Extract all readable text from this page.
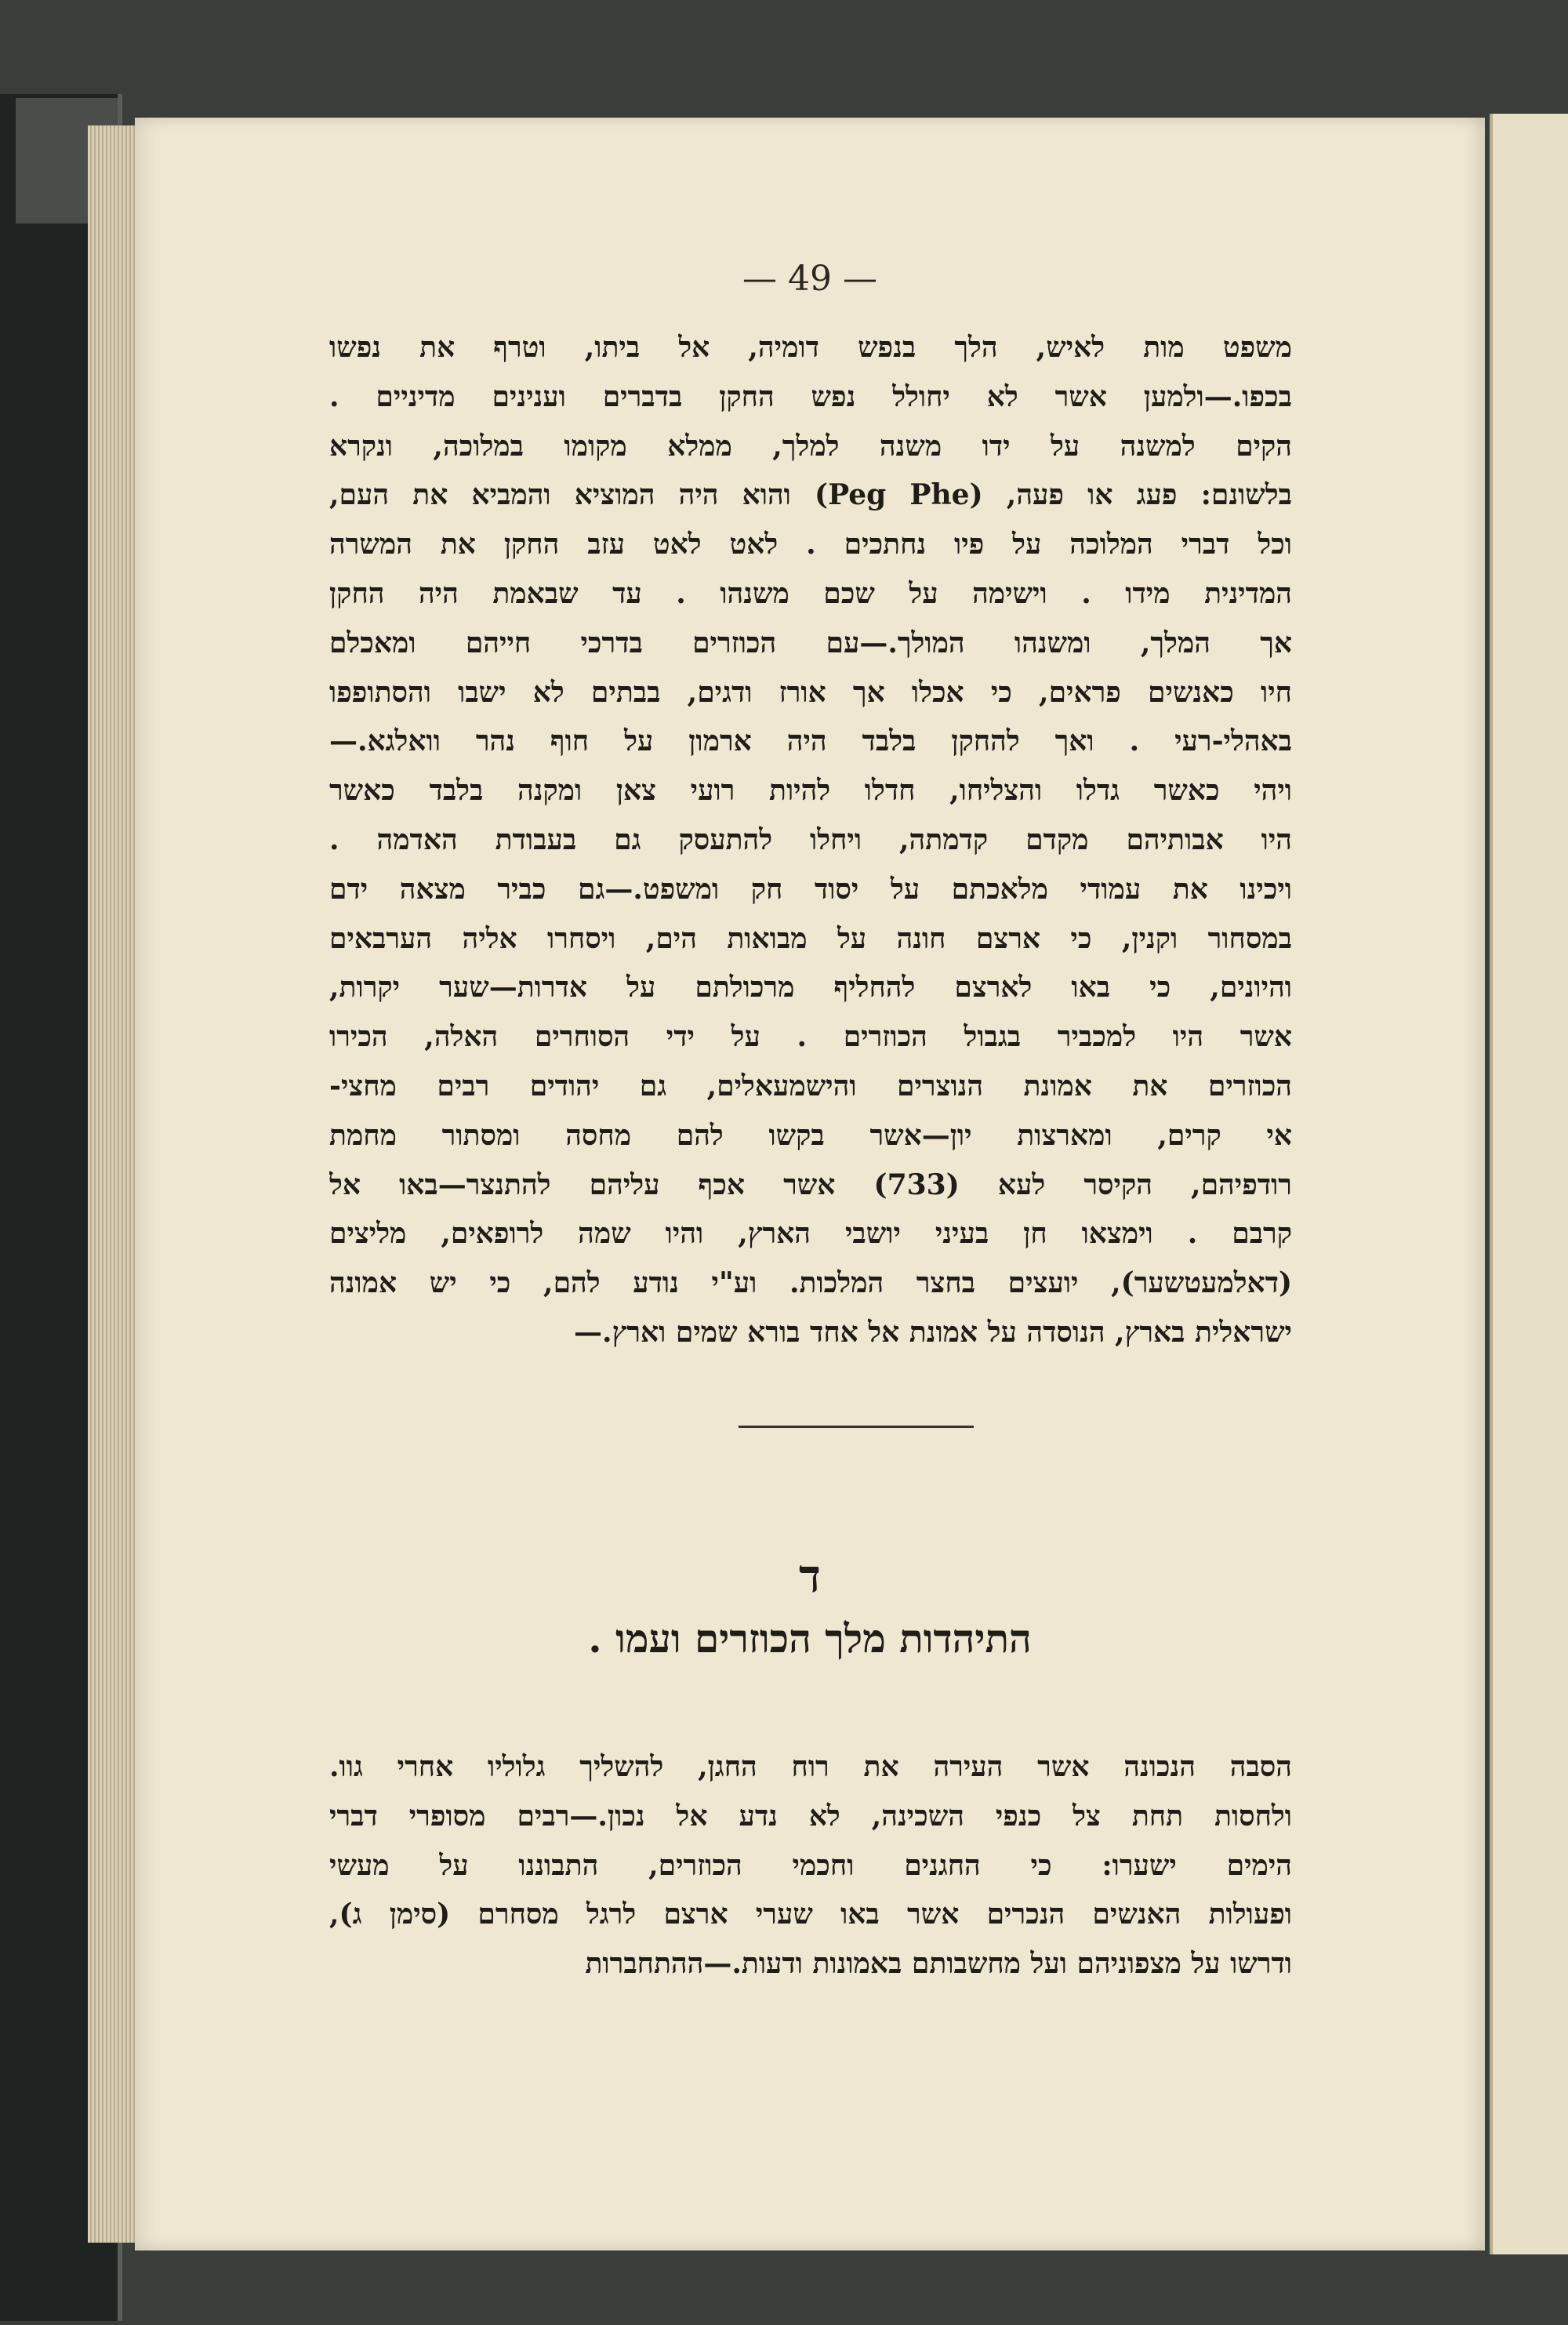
— 49 —
משפט מות לאיש, הלך בנפש דומיה, אל ביתו, וטרף את נפשו
בכפו.—ולמען אשר לא יחולל נפש החקן בדברים וענינים מדיניים .
הקים למשנה על ידו משנה למלך, ממלא מקומו במלוכה, ונקרא
בלשונם: פעג או פעה, (Peg Phe) והוא היה המוציא והמביא את העם,
וכל דברי המלוכה על פיו נחתכים . לאט לאט עזב החקן את המשרה
המדינית מידו . וישימה על שכם משנהו . עד שבאמת היה החקן
אך המלך, ומשנהו המולך.—עם הכוזרים בדרכי חייהם ומאכלם
חיו כאנשים פראים, כי אכלו אך אורז ודגים, בבתים לא ישבו והסתופפו
באהלי-רעי . ואך להחקן בלבד היה ארמון על חוף נהר וואלגא.—
ויהי כאשר גדלו והצליחו, חדלו להיות רועי צאן ומקנה בלבד כאשר
היו אבותיהם מקדם קדמתה, ויחלו להתעסק גם בעבודת האדמה .
ויכינו את עמודי מלאכתם על יסוד חק ומשפט.—גם כביר מצאה ידם
במסחור וקנין, כי ארצם חונה על מבואות הים, ויסחרו אליה הערבאים
והיונים, כי באו לארצם להחליף מרכולתם על אדרות—שער יקרות,
אשר היו למכביר בגבול הכוזרים . על ידי הסוחרים האלה, הכירו
הכוזרים את אמונת הנוצרים והישמעאלים, גם יהודים רבים מחצי-
אי קרים, ומארצות יון—אשר בקשו להם מחסה ומסתור מחמת
רודפיהם, הקיסר לעא (733) אשר אכף עליהם להתנצר—באו אל
קרבם . וימצאו חן בעיני יושבי הארץ, והיו שמה לרופאים, מליצים
(דאלמעטשער), יועצים בחצר המלכות. וע"י נודע להם, כי יש אמונה
ישראלית בארץ, הנוסדה על אמונת אל אחד בורא שמים וארץ.—
ד
התיהדות מלך הכוזרים ועמו .
הסבה הנכונה אשר העירה את רוח החגן, להשליך גלוליו אחרי גוו.
ולחסות תחת צל כנפי השכינה, לא נדע אל נכון.—רבים מסופרי דברי
הימים ישערו: כי החגנים וחכמי הכוזרים, התבוננו על מעשי
ופעולות האנשים הנכרים אשר באו שערי ארצם לרגל מסחרם (סימן ג),
ודרשו על מצפוניהם ועל מחשבותם באמונות ודעות.—ההתחברות
